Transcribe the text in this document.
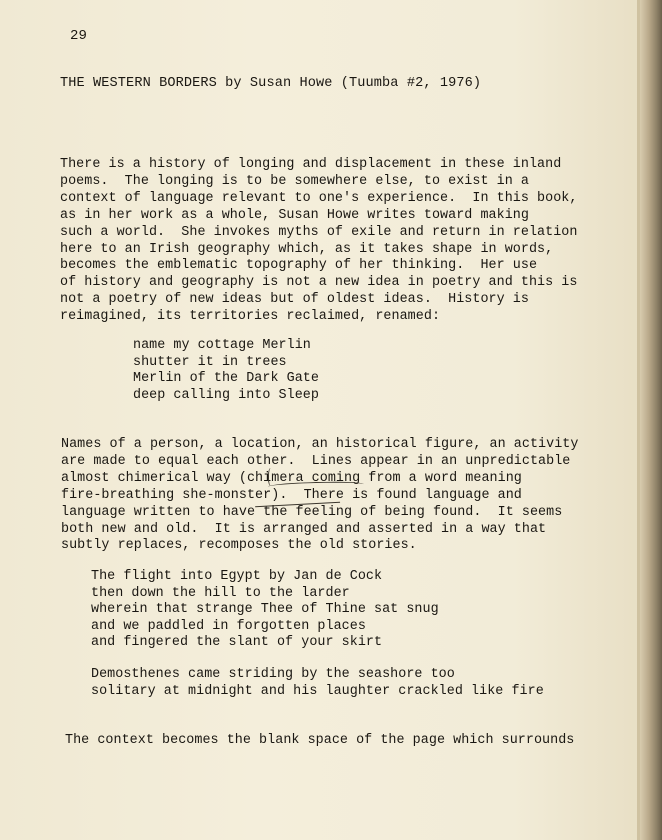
29
THE WESTERN BORDERS by Susan Howe (Tuumba #2, 1976)
There is a history of longing and displacement in these inland
poems.  The longing is to be somewhere else, to exist in a
context of language relevant to one's experience.  In this book,
as in her work as a whole, Susan Howe writes toward making
such a world.  She invokes myths of exile and return in relation
here to an Irish geography which, as it takes shape in words,
becomes the emblematic topography of her thinking.  Her use
of history and geography is not a new idea in poetry and this is
not a poetry of new ideas but of oldest ideas.  History is
reimagined, its territories reclaimed, renamed:
name my cottage Merlin
shutter it in trees
Merlin of the Dark Gate
deep calling into Sleep
Names of a person, a location, an historical figure, an activity
are made to equal each other.  Lines appear in an unpredictable
almost chimerical way (chimera coming from a word meaning
fire-breathing she-monster).  There is found language and
language written to have the feeling of being found.  It seems
both new and old.  It is arranged and asserted in a way that
subtly replaces, recomposes the old stories.
The flight into Egypt by Jan de Cock
then down the hill to the larder
wherein that strange Thee of Thine sat snug
and we paddled in forgotten places
and fingered the slant of your skirt
Demosthenes came striding by the seashore too
solitary at midnight and his laughter crackled like fire
The context becomes the blank space of the page which surrounds
